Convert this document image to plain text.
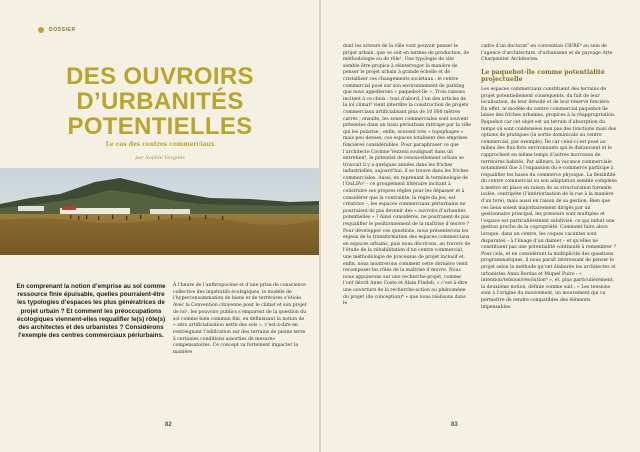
DOSSIER
DES OUVROIRS
D’URBANITÉS
POTENTIELLES
Le cas des centres commerciaux
par Sophie Vergnès

En comprenant la notion d’emprise au sol comme ressource finie épuisable, quelles pourraient-être les typologies d’espaces les plus génératrices de projet urbain ? Et comment les préoccupations écologiques viennent-elles requalifier le(s) rôle(s) des architectes et des urbanistes ? Considérons l’exemple des centres commerciaux périurbains.

À l’heure de l’anthropocène et d’une prise de conscience collective des impératifs écologiques, le modèle de l’hyperconsommation de biens et de territoires s’étiole. Avec la Convention citoyenne pour le climat et son projet de loi¹, les pouvoirs publics s’emparent de la question du sol comme bien commun fini, en définissant la notion de « zéro artificialisation nette des sols », c’est-à-dire en restreignant l’édification sur des terrains de pleine terre à certaines conditions assorties de mesures compensatoires. Ce concept va fortement impacter la manière

82

dont les acteurs de la ville vont pouvoir penser le projet urbain, que ce soit en termes de production, de méthodologie ou de rôle². Une typologie de site semble être propice à réinterroger la manière de penser le projet urbain à grande échelle et de cristalliser ces changements sociétaux : le centre commercial posé sur son environnement de parking que nous appellerons « paquebot-île ». Trois raisons incitent à ce choix : tout d’abord, l’un des articles de la loi climat³ vient interdire la construction de projets commerciaux artificialisant plus de 10 000 mètres carrés ; ensuite, les zones commerciales sont souvent présentes dans un tissu périurbain rattrapé par la ville qui les polarise ; enfin, souvent très « topophages » mais peu denses, ces espaces totalisent des emprises foncières considérables. Pour paraphraser ce que l’architecte Corinne Vezzoni soulignait dans un entretien⁴, le potentiel de renouvellement urbain se trouvait il y a quelques années dans les friches industrielles, aujourd’hui, il se trouve dans les friches commerciales. Aussi, en reprenant la terminologie de l’OuLiPo⁵ – ce groupement littéraire incitant à construire ses propres règles pour les dépasser et à considérer que la contrainte, la règle du jeu, est créatrice –, les espaces commerciaux périurbains ne pourraient-ils pas devenir des « ouvroirs d’urbanités potentielles » ? Ainsi considérés, ne pourraient-ils pas requalifier le positionnement de la maîtrise d’œuvre ? Pour développer ces questions, nous présenterons les enjeux de la transformation des espaces commerciaux en espaces urbains, puis nous décrirons, au travers de l’étude de la réhabilitation d’un centre commercial, une méthodologie de processus de projet inclusif et, enfin, nous montrerons comment cette dernière vient recomposer les rôles de la maîtrise d’œuvre. Nous nous appuierons sur une recherche-projet, comme l’ont décrit Anne Coste et Alain Findeli, « c’est-à-dire une ouverture de la recherche-action au phénomène du projet (de conception)⁶ » que nous réalisons dans le

cadre d’un doctorat⁷ en convention CIFRE⁸ au sein de l’agence d’architecture, d’urbanisme et de paysage Arte Charpentier Architectes.

Le paquebot-île comme potentialité projectuelle

Les espaces commerciaux constituent des terrains de projet potentiellement conséquents, du fait de leur localisation, de leur densité et de leur réserve foncière. En effet, le modèle du centre commercial paquebot-île laisse des friches urbaines, propices à la réappropriation. Paquebot car cet objet est un terrain d’absorption du temps où sont condensées non pas des fonctions mais des options de pratiques (la sortie dominicale au centre commercial, par exemple). Île car celui-ci est posé au milieu des flux-flots environnants qui le distancient et le rapprochent en même temps d’autres morceaux de territoires habités. Par ailleurs, la vacance commerciale notamment due à l’expansion du e-commerce participe à requalifier les bases du commerce physique. La flexibilité du centre commercial ou son adaptation semble complexe à mettre en place en raison de sa structuration formelle isolée, centripète (l’intériorisation de la rue à la manière d’un tore), mais aussi en raison de sa gestion. Bien que ces lieux soient majoritairement dirigés par un gestionnaire principal, les preneurs sont multiples et l’espace est particulièrement subdivisé, ce qui induit une gestion proche de la copropriété. Comment faire alors lorsque, dans un centre, les coques vacantes sont disparates – à l’image d’un damier – et qu’elles ne constituent pas une potentialité continuité à remembrer ? Pour cela, et en considérant la multiplicité des questions programmatiques, il nous paraît intéressant de penser le projet selon la méthode qu’ont élaborée les architectes et urbanistes Anna Bordas et Miquel Puiro : « intention/tension/résolution⁹ », et, plus particulièrement, la deuxième notion, définie comme suit : « Les tensions sont à l’origine du mouvement, un mouvement qui va permettre de rendre compatibles des éléments impensables.

83
